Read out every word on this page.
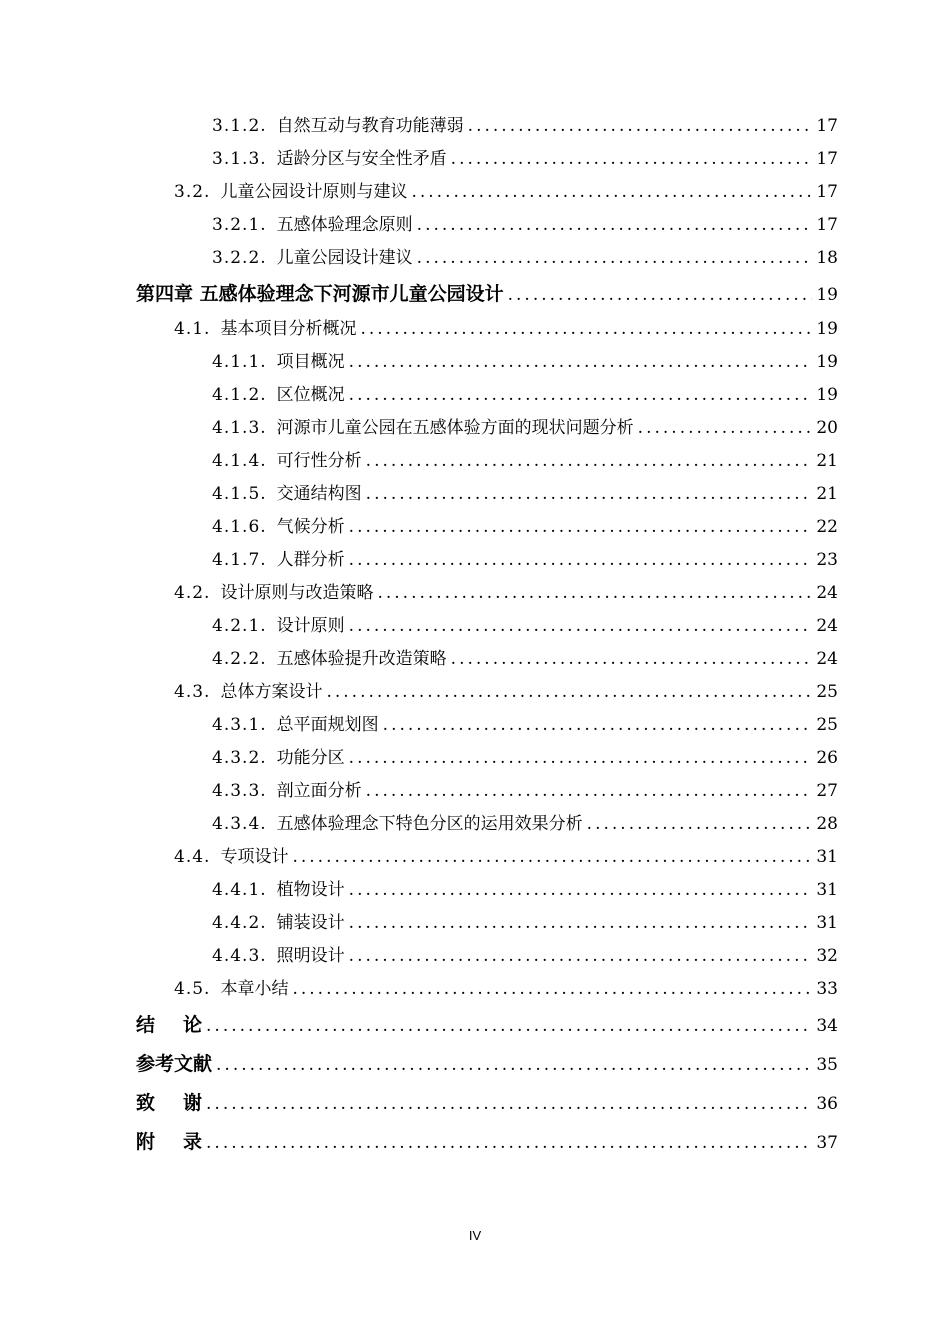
3.1.2. 自然互动与教育功能薄弱 .....	17
3.1.3. 适龄分区与安全性矛盾 .....	17
3.2. 儿童公园设计原则与建议 .....	17
3.2.1. 五感体验理念原则 .....	17
3.2.2. 儿童公园设计建议 .....	18
第四章 五感体验理念下河源市儿童公园设计 .....	19
4.1. 基本项目分析概况 .....	19
4.1.1. 项目概况 .....	19
4.1.2. 区位概况 .....	19
4.1.3. 河源市儿童公园在五感体验方面的现状问题分析 .....	20
4.1.4. 可行性分析 .....	21
4.1.5. 交通结构图 .....	21
4.1.6. 气候分析 .....	22
4.1.7. 人群分析 .....	23
4.2. 设计原则与改造策略 .....	24
4.2.1. 设计原则 .....	24
4.2.2. 五感体验提升改造策略 .....	24
4.3. 总体方案设计 .....	25
4.3.1. 总平面规划图 .....	25
4.3.2. 功能分区 .....	26
4.3.3. 剖立面分析 .....	27
4.3.4. 五感体验理念下特色分区的运用效果分析 .....	28
4.4. 专项设计 .....	31
4.4.1. 植物设计 .....	31
4.4.2. 铺装设计 .....	31
4.4.3. 照明设计 .....	32
4.5. 本章小结 .....	33
结论 .....	34
参考文献 .....	35
致谢 .....	36
附录 .....	37
IV
